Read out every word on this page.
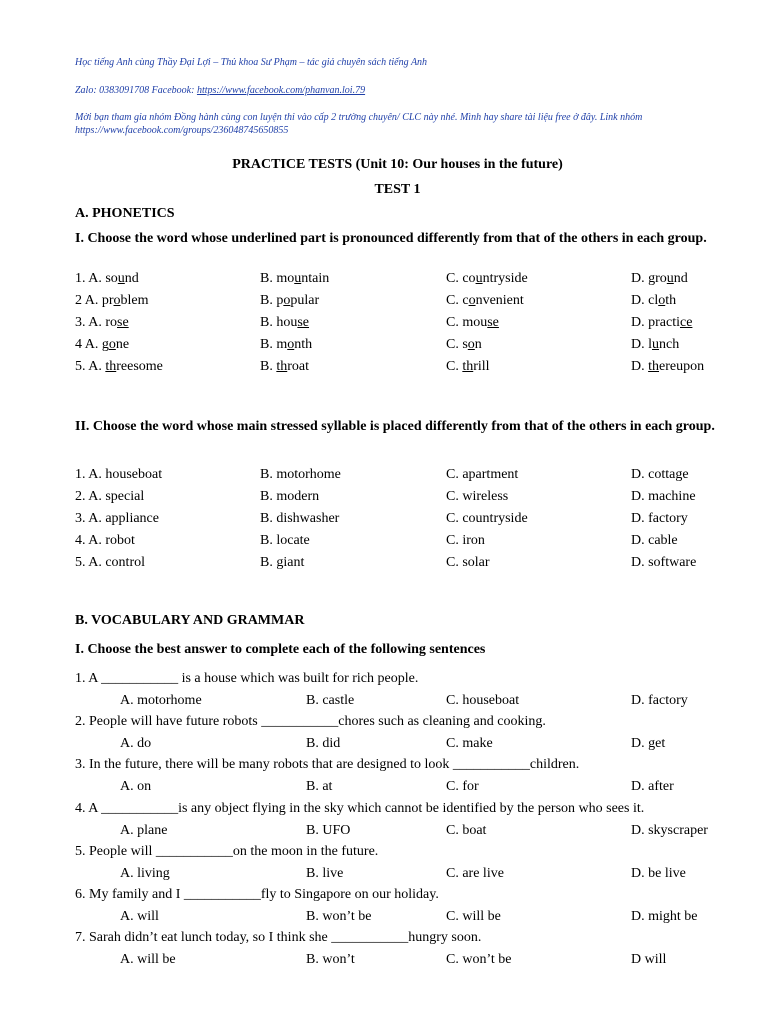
Học tiếng Anh cùng Thầy Đại Lợi – Thủ khoa Sư Phạm – tác giả chuyên sách tiếng Anh
Zalo: 0383091708 Facebook: https://www.facebook.com/phanvan.loi.79
Mời bạn tham gia nhóm Đồng hành cùng con luyện thi vào cấp 2 trường chuyên/ CLC này nhé. Mình hay share tài liệu free ở đây. Link nhóm https://www.facebook.com/groups/236048745650855
PRACTICE TESTS (Unit 10: Our houses in the future)
TEST 1
A. PHONETICS
I. Choose the word whose underlined part is pronounced differently from that of the others in each group.
1. A. sound	B. mountain	C. countryside	D. ground
2 A. problem	B. popular	C. convenient	D. cloth
3. A. rose	B. house	C. mouse	D. practice
4 A. gone	B. month	C. son	D. lunch
5. A. threesome	B. throat	C. thrill	D. thereupon
II. Choose the word whose main stressed syllable is placed differently from that of the others in each group.
1. A. houseboat	B. motorhome	C. apartment	D. cottage
2. A. special	B. modern	C. wireless	D. machine
3. A. appliance	B. dishwasher	C. countryside	D. factory
4. A. robot	B. locate	C. iron	D. cable
5. A. control	B. giant	C. solar	D. software
B. VOCABULARY AND GRAMMAR
I. Choose the best answer to complete each of the following sentences
1. A ___________ is a house which was built for rich people.
A. motorhome	B. castle	C. houseboat	D. factory
2. People will have future robots ___________chores such as cleaning and cooking.
A. do	B. did	C. make	D. get
3. In the future, there will be many robots that are designed to look ___________children.
A. on	B. at	C. for	D. after
4. A ___________is any object flying in the sky which cannot be identified by the person who sees it.
A. plane	B. UFO	C. boat	D. skyscraper
5. People will ___________on the moon in the future.
A. living	B. live	C. are live	D. be live
6. My family and I ___________fly to Singapore on our holiday.
A. will	B. won’t be	C. will be	D. might be
7. Sarah didn’t eat lunch today, so I think she ___________hungry soon.
A. will be	B. won’t	C. won’t be	D will
